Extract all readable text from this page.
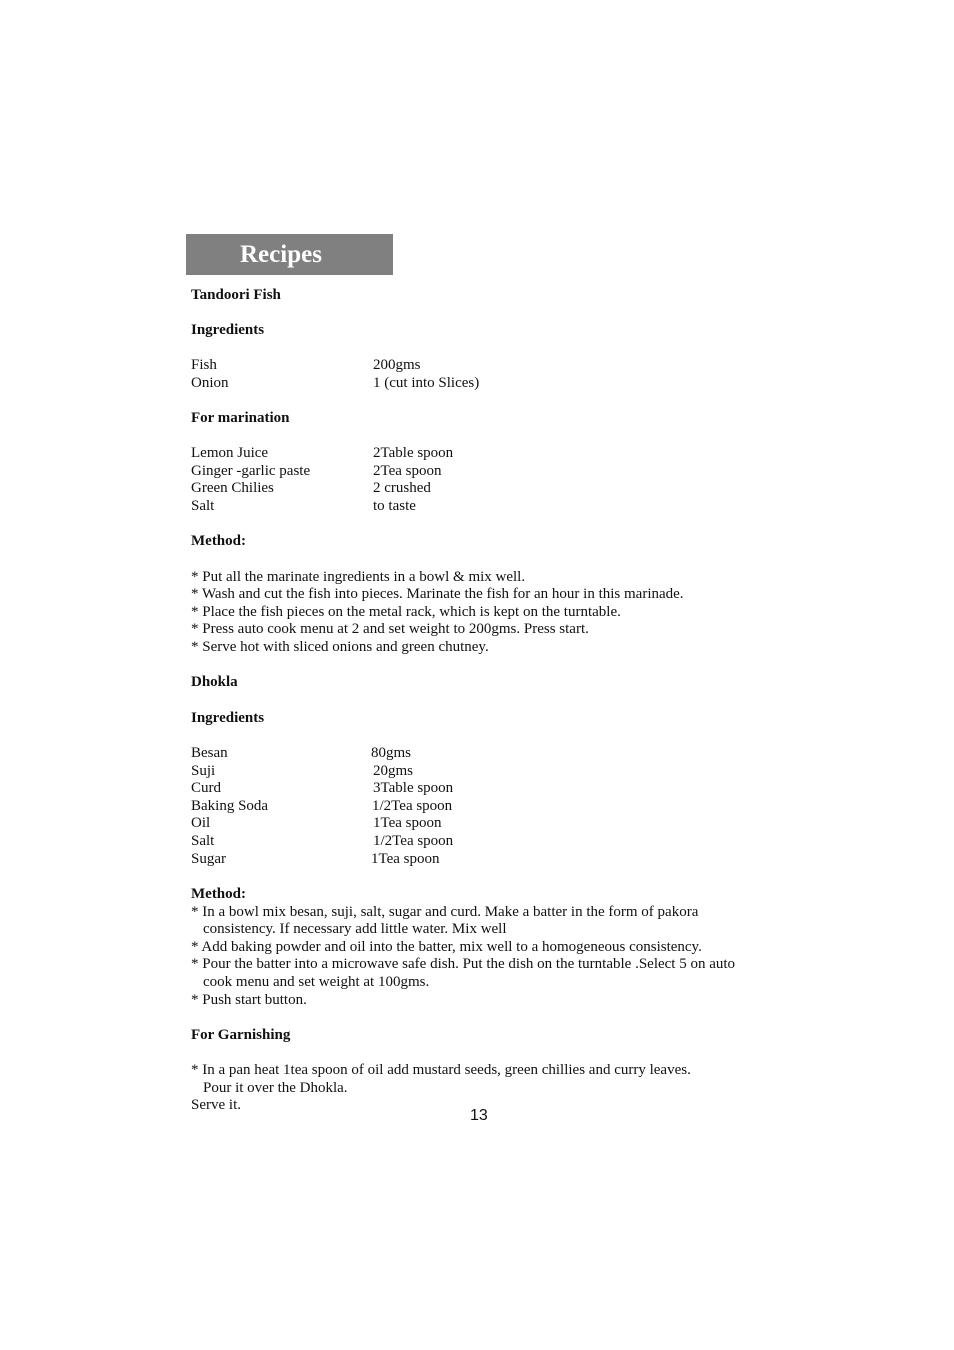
Recipes
Tandoori Fish
Ingredients
Fish	200gms
Onion	1 (cut into Slices)
For marination
Lemon Juice	2Table spoon
Ginger -garlic paste	2Tea spoon
Green Chilies	2 crushed
Salt	to taste
Method:
* Put all the marinate ingredients in a bowl & mix well.
* Wash and cut the fish into pieces. Marinate the fish for an hour in this marinade.
* Place the fish pieces on the metal rack, which is kept on the turntable.
* Press auto cook menu at 2 and set weight to 200gms. Press start.
* Serve hot with sliced onions and green chutney.
Dhokla
Ingredients
Besan	80gms
Suji	20gms
Curd	3Table spoon
Baking Soda	1/2Tea spoon
Oil	1Tea spoon
Salt	1/2Tea spoon
Sugar	1Tea spoon
Method:
* In a bowl mix besan, suji, salt, sugar and curd. Make a batter in the form of pakora
consistency. If necessary add little water. Mix well
* Add baking powder and oil into the batter, mix well to a homogeneous consistency.
* Pour the batter into a microwave safe dish. Put the dish on the turntable .Select 5 on auto
cook menu and set weight at 100gms.
* Push start button.
For Garnishing
* In a pan heat 1tea spoon of oil add mustard seeds, green chillies and curry leaves.
Pour it over the Dhokla.
Serve it.
13
